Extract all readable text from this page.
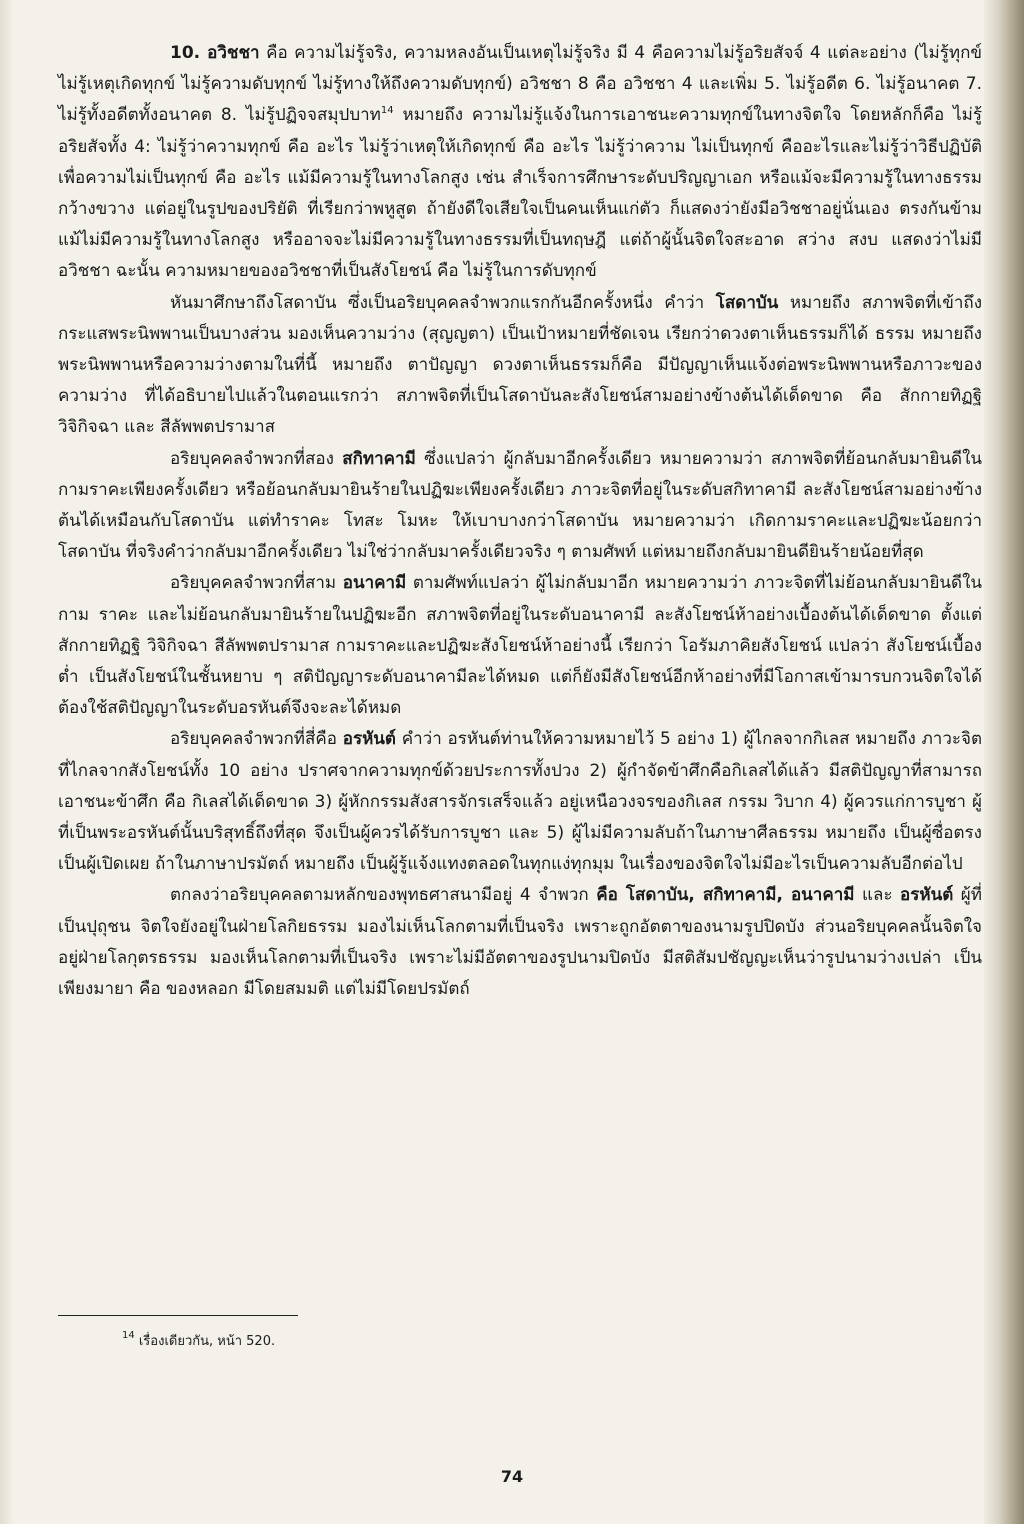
10. อวิชชา คือ ความไม่รู้จริง, ความหลงอันเป็นเหตุไม่รู้จริง มี 4 คือความไม่รู้อริยสัจจ์ 4 แต่ละอย่าง (ไม่รู้ทุกข์ ไม่รู้เหตุเกิดทุกข์ ไม่รู้ความดับทุกข์ ไม่รู้ทางให้ถึงความดับทุกข์) อวิชชา 8 คือ อวิชชา 4 และเพิ่ม 5. ไม่รู้อดีต 6. ไม่รู้อนาคต 7. ไม่รู้ทั้งอดีตทั้งอนาคต 8. ไม่รู้ปฏิจจสมุปบาท$^{14}$ หมายถึง ความไม่รู้แจ้งในการเอาชนะความทุกข์ในทางจิตใจ โดยหลักก็คือ ไม่รู้อริยสัจทั้ง 4: ไม่รู้ว่าความทุกข์ คือ อะไร ไม่รู้ว่าเหตุให้เกิดทุกข์ คือ อะไร ไม่รู้ว่าความ ไม่เป็นทุกข์ คืออะไรและไม่รู้ว่าวิธีปฏิบัติเพื่อความไม่เป็นทุกข์ คือ อะไร แม้มีความรู้ในทางโลกสูง เช่น สำเร็จการศึกษาระดับปริญญาเอก หรือแม้จะมีความรู้ในทางธรรมกว้างขวาง แต่อยู่ในรูปของปริยัติ ที่เรียกว่าพหูสูต ถ้ายังดีใจเสียใจเป็นคนเห็นแก่ตัว ก็แสดงว่ายังมีอวิชชาอยู่นั่นเอง ตรงกันข้ามแม้ไม่มีความรู้ในทางโลกสูง หรืออาจจะไม่มีความรู้ในทางธรรมที่เป็นทฤษฎี แต่ถ้าผู้นั้นจิตใจสะอาด สว่าง สงบ แสดงว่าไม่มีอวิชชา ฉะนั้น ความหมายของอวิชชาที่เป็นสังโยชน์ คือ ไม่รู้ในการดับทุกข์

หันมาศึกษาถึงโสดาบัน ซึ่งเป็นอริยบุคคลจำพวกแรกกันอีกครั้งหนึ่ง คำว่า โสดาบัน หมายถึง สภาพจิตที่เข้าถึงกระแสพระนิพพานเป็นบางส่วน มองเห็นความว่าง (สุญญตา) เป็นเป้าหมายที่ชัดเจน เรียกว่าดวงตาเห็นธรรมก็ได้ ธรรม หมายถึง พระนิพพานหรือความว่างตามในที่นี้ หมายถึง ตาปัญญา ดวงตาเห็นธรรมก็คือ มีปัญญาเห็นแจ้งต่อพระนิพพานหรือภาวะของความว่าง ที่ได้อธิบายไปแล้วในตอนแรกว่า สภาพจิตที่เป็นโสดาบันละสังโยชน์สามอย่างข้างต้นได้เด็ดขาด คือ สักกายทิฏฐิ วิจิกิจฉา และ สีลัพพตปรามาส

อริยบุคคลจำพวกที่สอง สกิทาคามี ซึ่งแปลว่า ผู้กลับมาอีกครั้งเดียว หมายความว่า สภาพจิตที่ย้อนกลับมายินดีในกามราคะเพียงครั้งเดียว หรือย้อนกลับมายินร้ายในปฏิฆะเพียงครั้งเดียว ภาวะจิตที่อยู่ในระดับสกิทาคามี ละสังโยชน์สามอย่างข้างต้นได้เหมือนกับโสดาบัน แต่ทำราคะ โทสะ โมหะ ให้เบาบางกว่าโสดาบัน หมายความว่า เกิดกามราคะและปฏิฆะน้อยกว่าโสดาบัน ที่จริงคำว่ากลับมาอีกครั้งเดียว ไม่ใช่ว่ากลับมาครั้งเดียวจริง ๆ ตามศัพท์ แต่หมายถึงกลับมายินดียินร้ายน้อยที่สุด

อริยบุคคลจำพวกที่สาม อนาคามี ตามศัพท์แปลว่า ผู้ไม่กลับมาอีก หมายความว่า ภาวะจิตที่ไม่ย้อนกลับมายินดีในกาม ราคะ และไม่ย้อนกลับมายินร้ายในปฏิฆะอีก สภาพจิตที่อยู่ในระดับอนาคามี ละสังโยชน์ห้าอย่างเบื้องต้นได้เด็ดขาด ตั้งแต่สักกายทิฏฐิ วิจิกิจฉา สีลัพพตปรามาส กามราคะและปฏิฆะสังโยชน์ห้าอย่างนี้ เรียกว่า โอรัมภาคิยสังโยชน์ แปลว่า สังโยชน์เบื้องต่ำ เป็นสังโยชน์ในชั้นหยาบ ๆ สติปัญญาระดับอนาคามีละได้หมด แต่ก็ยังมีสังโยชน์อีกห้าอย่างที่มีโอกาสเข้ามารบกวนจิตใจได้ ต้องใช้สติปัญญาในระดับอรหันต์จึงจะละได้หมด

อริยบุคคลจำพวกที่สี่คือ อรหันต์ คำว่า อรหันต์ท่านให้ความหมายไว้ 5 อย่าง 1) ผู้ไกลจากกิเลส หมายถึง ภาวะจิตที่ไกลจากสังโยชน์ทั้ง 10 อย่าง ปราศจากความทุกข์ด้วยประการทั้งปวง 2) ผู้กำจัดข้าศึกคือกิเลสได้แล้ว มีสติปัญญาที่สามารถเอาชนะข้าศึก คือ กิเลสได้เด็ดขาด 3) ผู้หักกรรมสังสารจักรเสร็จแล้ว อยู่เหนือวงจรของกิเลส กรรม วิบาก 4) ผู้ควรแก่การบูชา ผู้ที่เป็นพระอรหันต์นั้นบริสุทธิ์ถึงที่สุด จึงเป็นผู้ควรได้รับการบูชา และ 5) ผู้ไม่มีความลับถ้าในภาษาศีลธรรม หมายถึง เป็นผู้ซื่อตรง เป็นผู้เปิดเผย ถ้าในภาษาปรมัตถ์ หมายถึง เป็นผู้รู้แจ้งแทงตลอดในทุกแง่ทุกมุม ในเรื่องของจิตใจไม่มีอะไรเป็นความลับอีกต่อไป

ตกลงว่าอริยบุคคลตามหลักของพุทธศาสนามีอยู่ 4 จำพวก คือ โสดาบัน, สกิทาคามี, อนาคามี และ อรหันต์ ผู้ที่เป็นปุถุชน จิตใจยังอยู่ในฝ่ายโลกิยธรรม มองไม่เห็นโลกตามที่เป็นจริง เพราะถูกอัตตาของนามรูปปิดบัง ส่วนอริยบุคคลนั้นจิตใจอยู่ฝ่ายโลกุตรธรรม มองเห็นโลกตามที่เป็นจริง เพราะไม่มีอัตตาของรูปนามปิดบัง มีสติสัมปชัญญะเห็นว่ารูปนามว่างเปล่า เป็นเพียงมายา คือ ของหลอก มีโดยสมมติ แต่ไม่มีโดยปรมัตถ์

$^{14}$ เรื่องเดียวกัน, หน้า 520.
74
